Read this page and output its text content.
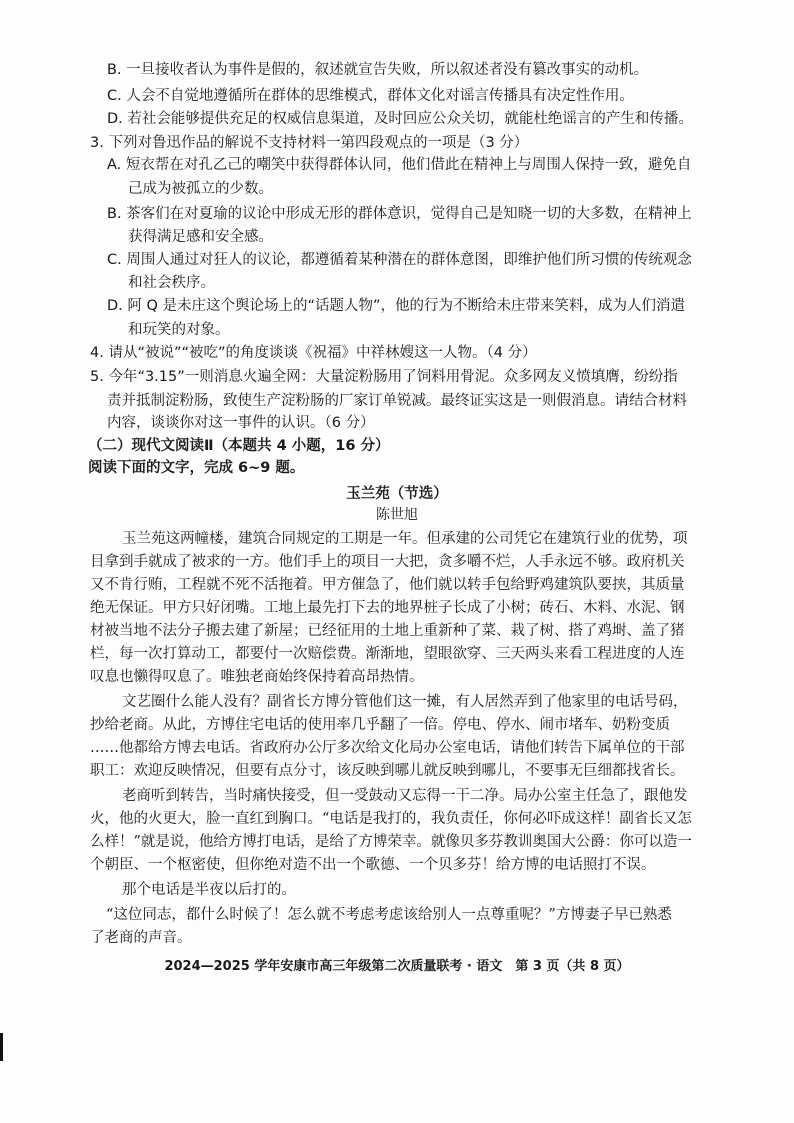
B. 一旦接收者认为事件是假的，叙述就宣告失败，所以叙述者没有篡改事实的动机。
C. 人会不自觉地遵循所在群体的思维模式，群体文化对谣言传播具有决定性作用。
D. 若社会能够提供充足的权威信息渠道，及时回应公众关切，就能杜绝谣言的产生和传播。
3. 下列对鲁迅作品的解说不支持材料一第四段观点的一项是（3 分）
A. 短衣帮在对孔乙己的嘲笑中获得群体认同，他们借此在精神上与周围人保持一致，避免自
己成为被孤立的少数。
B. 茶客们在对夏瑜的议论中形成无形的群体意识，觉得自己是知晓一切的大多数，在精神上
获得满足感和安全感。
C. 周围人通过对狂人的议论，都遵循着某种潜在的群体意图，即维护他们所习惯的传统观念
和社会秩序。
D. 阿 Q 是未庄这个舆论场上的“话题人物”，他的行为不断给未庄带来笑料，成为人们消遣
和玩笑的对象。
4. 请从“被说”“被吃”的角度谈谈《祝福》中祥林嫂这一人物。（4 分）
5. 今年“3.15”一则消息火遍全网：大量淀粉肠用了饲料用骨泥。众多网友义愤填膺，纷纷指
责并抵制淀粉肠，致使生产淀粉肠的厂家订单锐减。最终证实这是一则假消息。请结合材料
内容，谈谈你对这一事件的认识。（6 分）
（二）现代文阅读Ⅱ（本题共 4 小题，16 分）
阅读下面的文字，完成 6~9 题。
玉兰苑（节选）
陈世旭
玉兰苑这两幢楼，建筑合同规定的工期是一年。但承建的公司凭它在建筑行业的优势，项
目拿到手就成了被求的一方。他们手上的项目一大把，贪多嚼不烂，人手永远不够。政府机关
又不肯行贿，工程就不死不活拖着。甲方催急了，他们就以转手包给野鸡建筑队要挟，其质量
绝无保证。甲方只好闭嘴。工地上最先打下去的地界桩子长成了小树；砖石、木料、水泥、钢
材被当地不法分子搬去建了新屋；已经征用的土地上重新种了菜、栽了树、搭了鸡埘、盖了猪
栏，每一次打算动工，都要付一次赔偿费。渐渐地，望眼欲穿、三天两头来看工程进度的人连
叹息也懒得叹息了。唯独老商始终保持着高昂热情。
文艺圈什么能人没有？副省长方博分管他们这一摊，有人居然弄到了他家里的电话号码，
抄给老商。从此，方博住宅电话的使用率几乎翻了一倍。停电、停水、闹市堵车、奶粉变质
……他都给方博去电话。省政府办公厅多次给文化局办公室电话，请他们转告下属单位的干部
职工：欢迎反映情况，但要有点分寸，该反映到哪儿就反映到哪儿，不要事无巨细都找省长。
老商听到转告，当时痛快接受，但一受鼓动又忘得一干二净。局办公室主任急了，跟他发
火，他的火更大，脸一直红到胸口。“电话是我打的，我负责任，你何必吓成这样！副省长又怎
么样！”就是说，他给方博打电话，是给了方博荣幸。就像贝多芬教训奥国大公爵：你可以造一
个朝臣、一个枢密使，但你绝对造不出一个歌德、一个贝多芬！给方博的电话照打不误。
那个电话是半夜以后打的。
“这位同志，都什么时候了！怎么就不考虑考虑该给别人一点尊重呢？”方博妻子早已熟悉
了老商的声音。
2024—2025 学年安康市高三年级第二次质量联考 · 语文　第 3 页（共 8 页）
